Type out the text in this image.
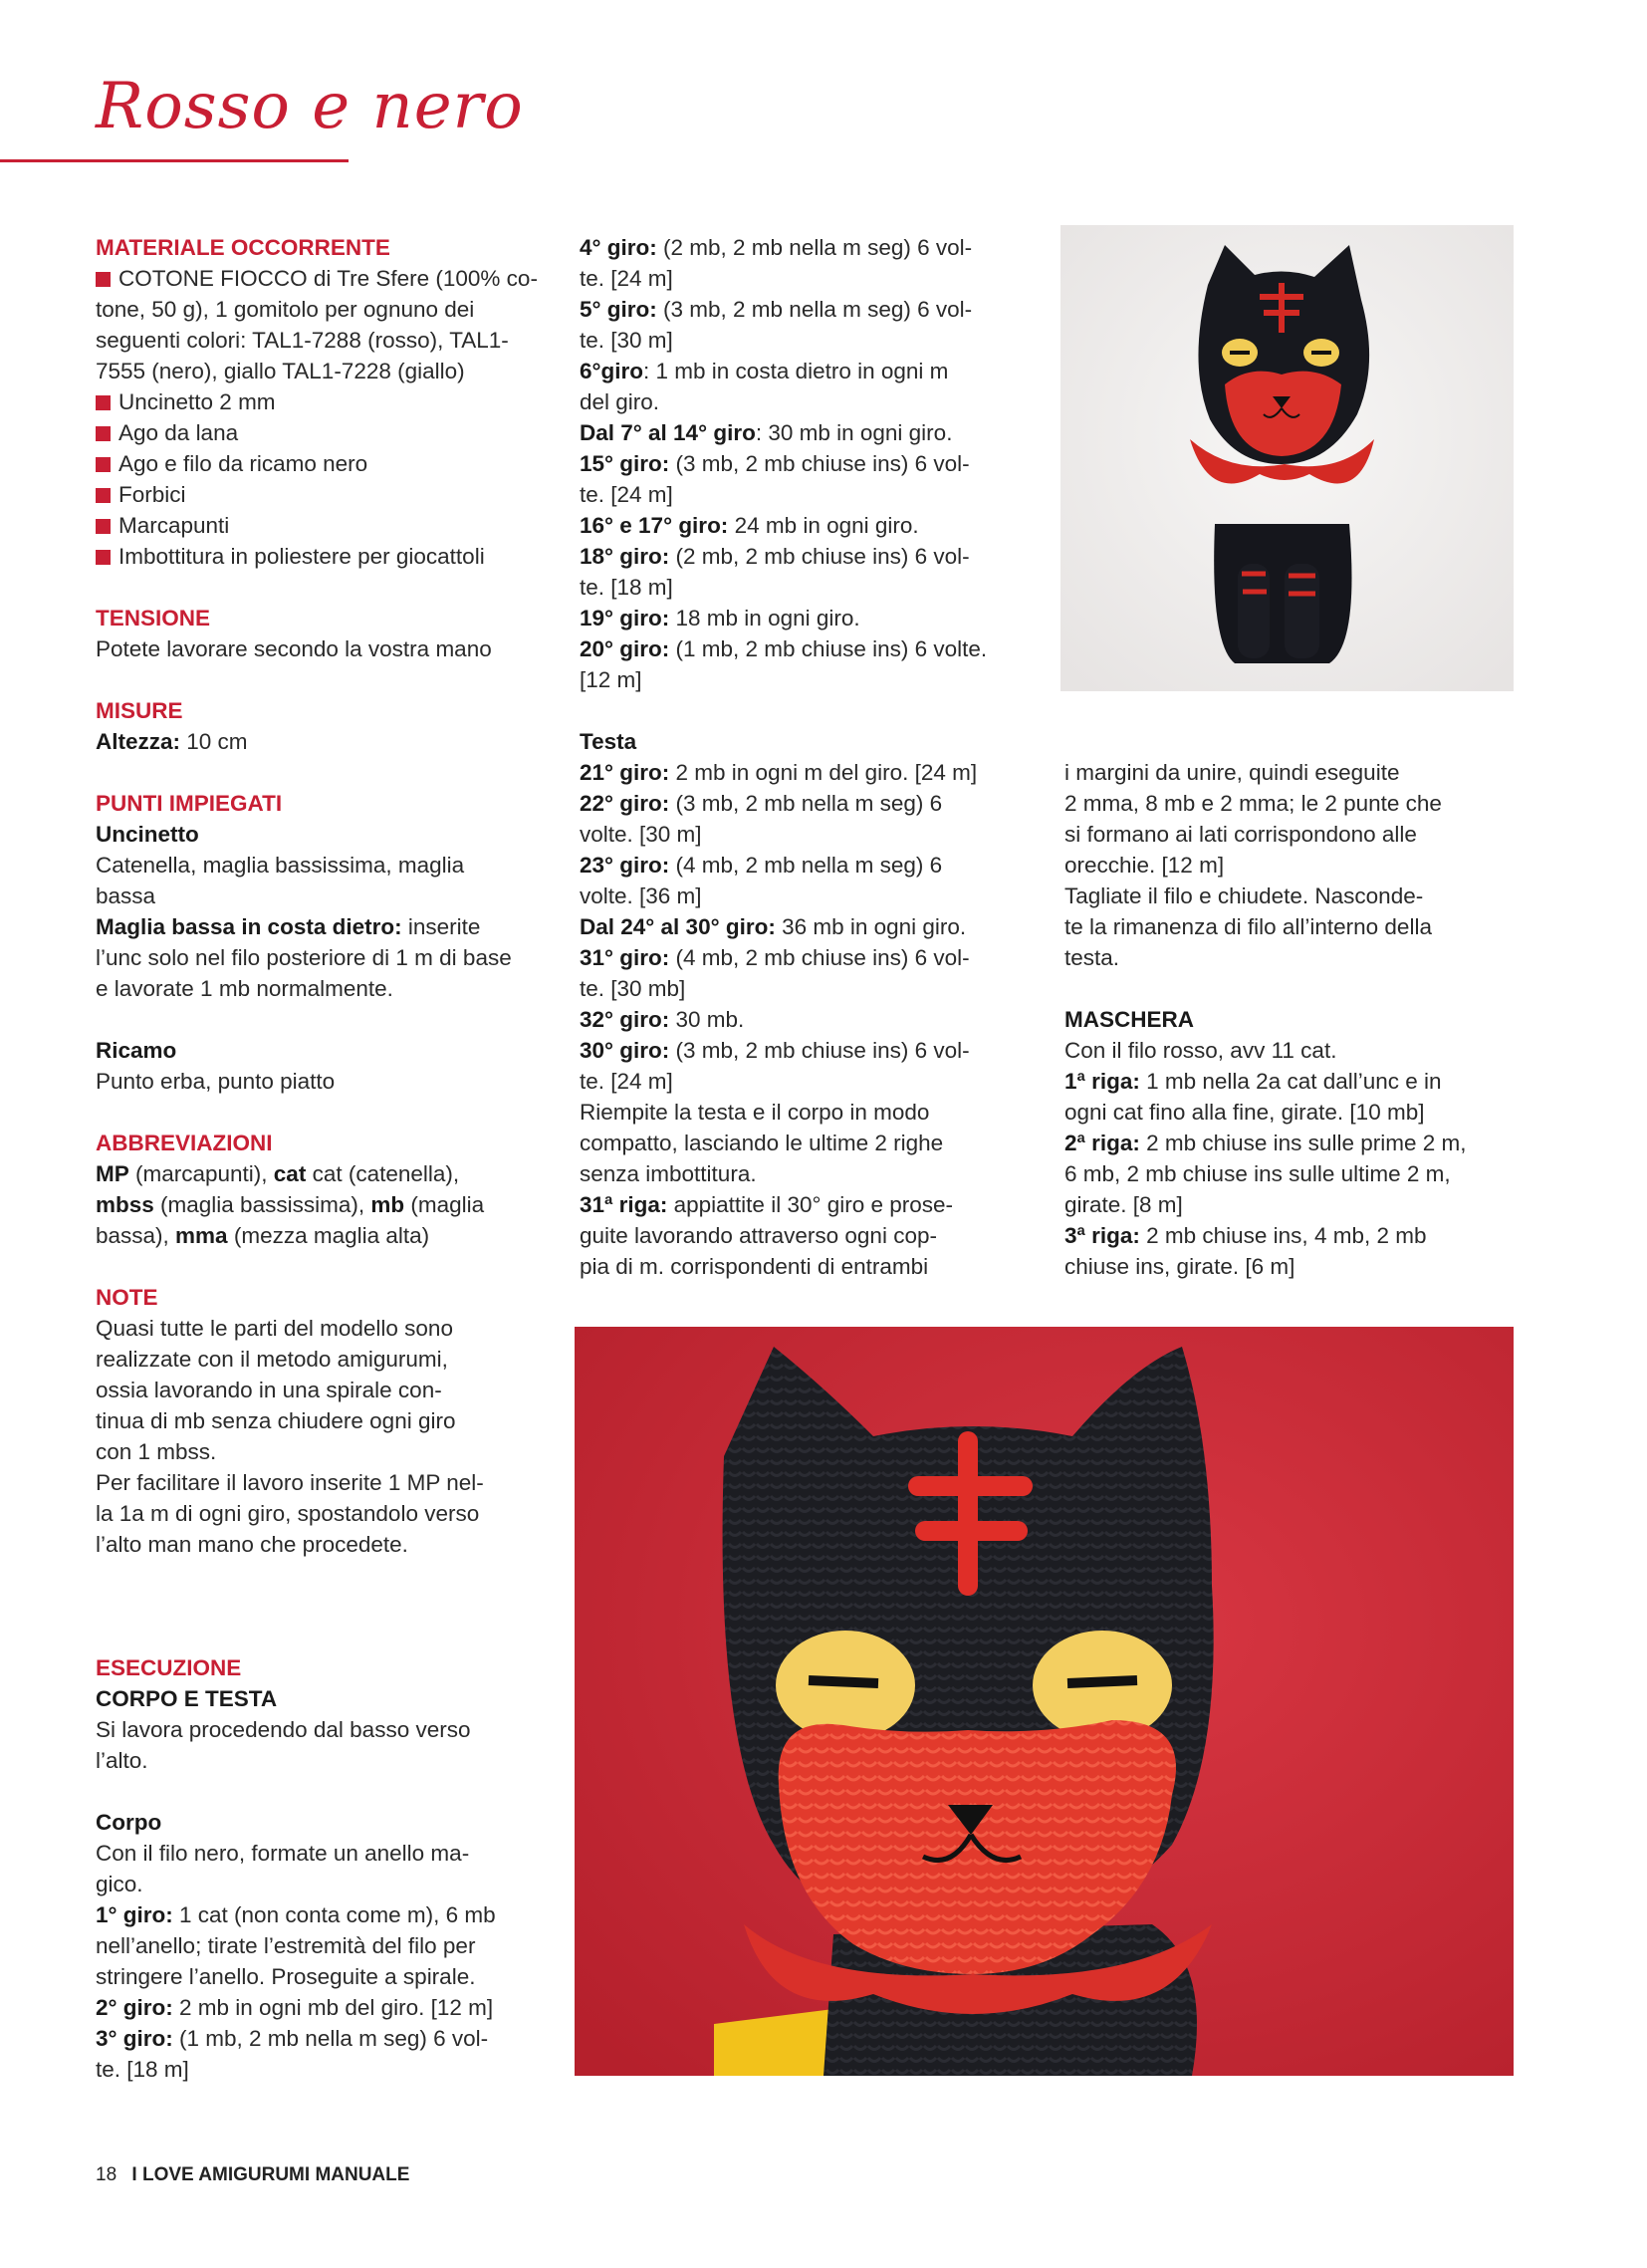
Rosso e nero

MATERIALE OCCORRENTE

COTONE FIOCCO di Tre Sfere (100% co-

tone, 50 g), 1 gomitolo per ognuno dei

seguenti colori: TAL1-7288 (rosso), TAL1-

7555 (nero), giallo TAL1-7228 (giallo)

Uncinetto 2 mm

Ago da lana

Ago e filo da ricamo nero

Forbici

Marcapunti

Imbottitura in poliestere per giocattoli

TENSIONE

Potete lavorare secondo la vostra mano

MISURE

Altezza: 10 cm

PUNTI IMPIEGATI

Uncinetto

Catenella, maglia bassissima, maglia

bassa

Maglia bassa in costa dietro: inserite

l’unc solo nel filo posteriore di 1 m di base

e lavorate 1 mb normalmente.

Ricamo

Punto erba, punto piatto

ABBREVIAZIONI

MP (marcapunti), cat cat (catenella),

mbss (maglia bassissima), mb (maglia

bassa), mma (mezza maglia alta)

NOTE

Quasi tutte le parti del modello sono

realizzate con il metodo amigurumi,

ossia lavorando in una spirale con-

tinua di mb senza chiudere ogni giro

con 1 mbss.

Per facilitare il lavoro inserite 1 MP nel-

la 1a m di ogni giro, spostandolo verso

l’alto man mano che procedete.

ESECUZIONE

CORPO E TESTA

Si lavora procedendo dal basso verso

l’alto.

Corpo

Con il filo nero, formate un anello ma-

gico.

1° giro: 1 cat (non conta come m), 6 mb

nell’anello; tirate l’estremità del filo per

stringere l’anello. Proseguite a spirale.

2° giro: 2 mb in ogni mb del giro. [12 m]

3° giro: (1 mb, 2 mb nella m seg) 6 vol-

te. [18 m]

4° giro: (2 mb, 2 mb nella m seg) 6 vol-

te. [24 m]

5° giro: (3 mb, 2 mb nella m seg) 6 vol-

te. [30 m]

6°giro: 1 mb in costa dietro in ogni m

del giro.

Dal 7° al 14° giro: 30 mb in ogni giro.

15° giro: (3 mb, 2 mb chiuse ins) 6 vol-

te. [24 m]

16° e 17° giro: 24 mb in ogni giro.

18° giro: (2 mb, 2 mb chiuse ins) 6 vol-

te. [18 m]

19° giro: 18 mb in ogni giro.

20° giro: (1 mb, 2 mb chiuse ins) 6 volte.

[12 m]

Testa

21° giro: 2 mb in ogni m del giro. [24 m]

22° giro: (3 mb, 2 mb nella m seg) 6

volte. [30 m]

23° giro: (4 mb, 2 mb nella m seg) 6

volte. [36 m]

Dal 24° al 30° giro: 36 mb in ogni giro.

31° giro: (4 mb, 2 mb chiuse ins) 6 vol-

te. [30 mb]

32° giro: 30 mb.

30° giro: (3 mb, 2 mb chiuse ins) 6 vol-

te. [24 m]

Riempite la testa e il corpo in modo

compatto, lasciando le ultime 2 righe

senza imbottitura.

31ª riga: appiattite il 30° giro e prose-

guite lavorando attraverso ogni cop-

pia di m. corrispondenti di entrambi

i margini da unire, quindi eseguite

2 mma, 8 mb e 2 mma; le 2 punte che

si formano ai lati corrispondono alle

orecchie. [12 m]

Tagliate il filo e chiudete. Nasconde-

te la rimanenza di filo all’interno della

testa.

MASCHERA

Con il filo rosso, avv 11 cat.

1ª riga: 1 mb nella 2a cat dall’unc e in

ogni cat fino alla fine, girate. [10 mb]

2ª riga: 2 mb chiuse ins sulle prime 2 m,

6 mb, 2 mb chiuse ins sulle ultime 2 m,

girate. [8 m]

3ª riga: 2 mb chiuse ins, 4 mb, 2 mb

chiuse ins, girate. [6 m]

18 I LOVE AMIGURUMI MANUALE
